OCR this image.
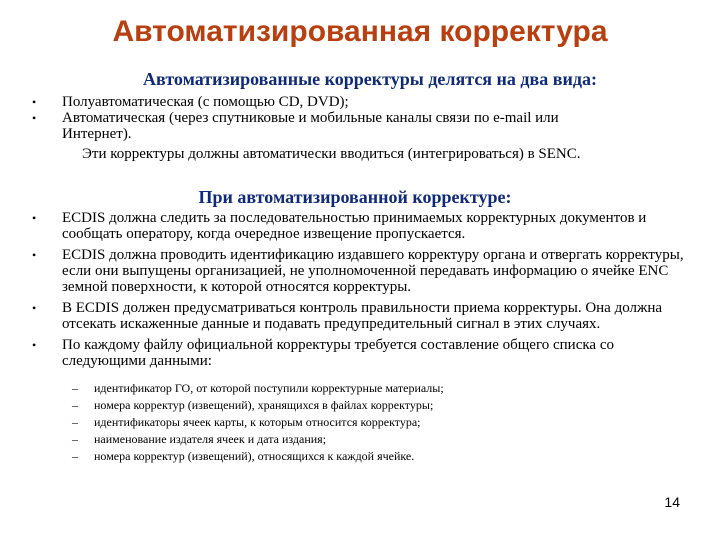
Автоматизированная корректура
Автоматизированные корректуры делятся на два вида:
• Полуавтоматическая (с помощью CD, DVD);
• Автоматическая (через спутниковые и мобильные каналы связи по e-mail или Интернет).
Эти корректуры должны автоматически вводиться (интегрироваться) в SENC.
При автоматизированной корректуре:
• ECDIS должна следить за последовательностью принимаемых корректурных документов и сообщать оператору, когда очередное извещение пропускается.
• ECDIS должна проводить идентификацию издавшего корректуру органа и отвергать корректуры, если они выпущены организацией, не уполномоченной передавать информацию о ячейке ENC земной поверхности, к которой относятся корректуры.
• В ECDIS должен предусматриваться контроль правильности приема корректуры. Она должна отсекать искаженные данные и подавать предупредительный сигнал в этих случаях.
• По каждому файлу официальной корректуры требуется составление общего списка со следующими данными:
– идентификатор ГО, от которой поступили корректурные материалы;
– номера корректур (извещений), хранящихся в файлах корректуры;
– идентификаторы ячеек карты, к которым относится корректура;
– наименование издателя ячеек и дата издания;
– номера корректур (извещений), относящихся к каждой ячейке.
14
